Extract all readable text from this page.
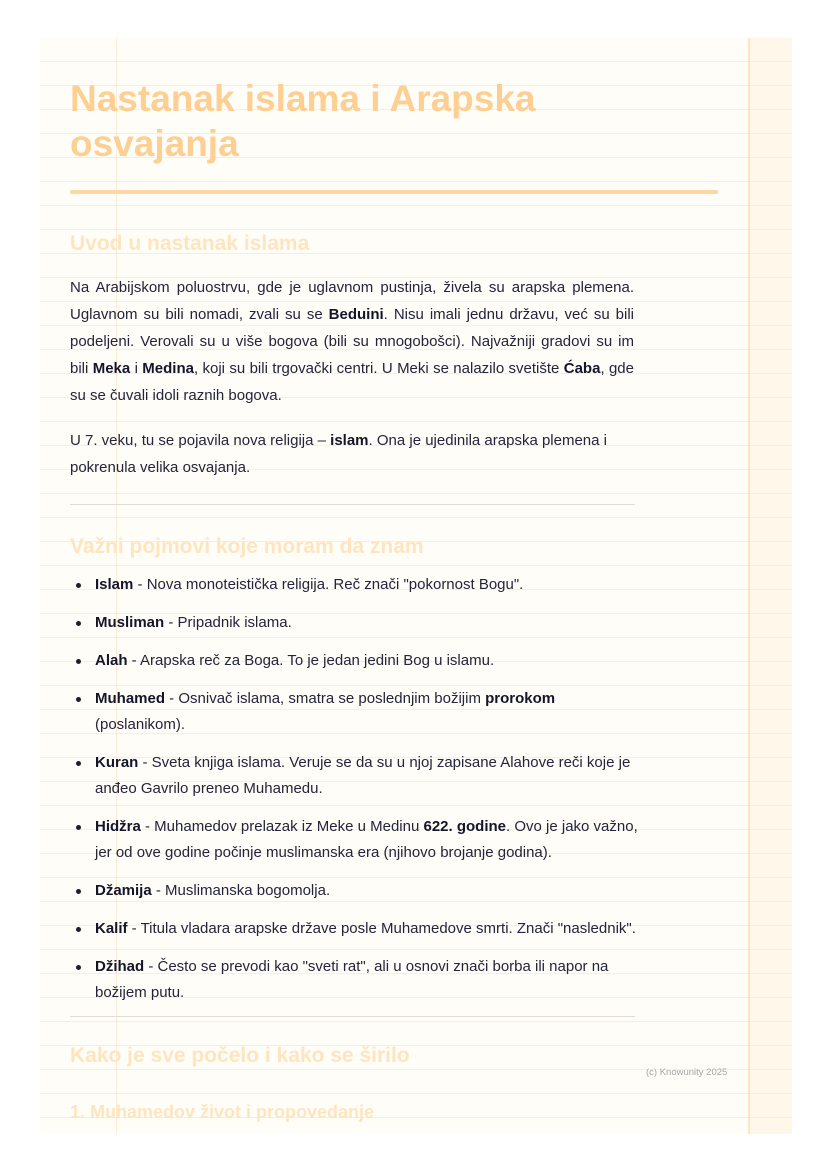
Nastanak islama i Arapska osvajanja
Uvod u nastanak islama

Na Arabijskom poluostrvu, gde je uglavnom pustinja, živela su arapska plemena. Uglavnom su bili nomadi, zvali su se Beduini. Nisu imali jednu državu, već su bili podeljeni. Verovali su u više bogova (bili su mnogobošci). Najvažniji gradovi su im bili Meka i Medina, koji su bili trgovački centri. U Meki se nalazilo svetište Ćaba, gde su se čuvali idoli raznih bogova.

U 7. veku, tu se pojavila nova religija – islam. Ona je ujedinila arapska plemena i pokrenula velika osvajanja.

Važni pojmovi koje moram da znam
Islam - Nova monoteistička religija. Reč znači "pokornost Bogu".
Musliman - Pripadnik islama.
Alah - Arapska reč za Boga. To je jedan jedini Bog u islamu.
Muhamed - Osnivač islama, smatra se poslednjim božijim prorokom (poslanikom).
Kuran - Sveta knjiga islama. Veruje se da su u njoj zapisane Alahove reči koje je anđeo Gavrilo preneo Muhamedu.
Hidžra - Muhamedov prelazak iz Meke u Medinu 622. godine. Ovo je jako važno, jer od ove godine počinje muslimanska era (njihovo brojanje godina).
Džamija - Muslimanska bogomolja.
Kalif - Titula vladara arapske države posle Muhamedove smrti. Znači "naslednik".
Džihad - Često se prevodi kao "sveti rat", ali u osnovi znači borba ili napor na božijem putu.
Kako je sve počelo i kako se širilo
1. Muhamedov život i propovedanje
(c) Knowunity 2025
